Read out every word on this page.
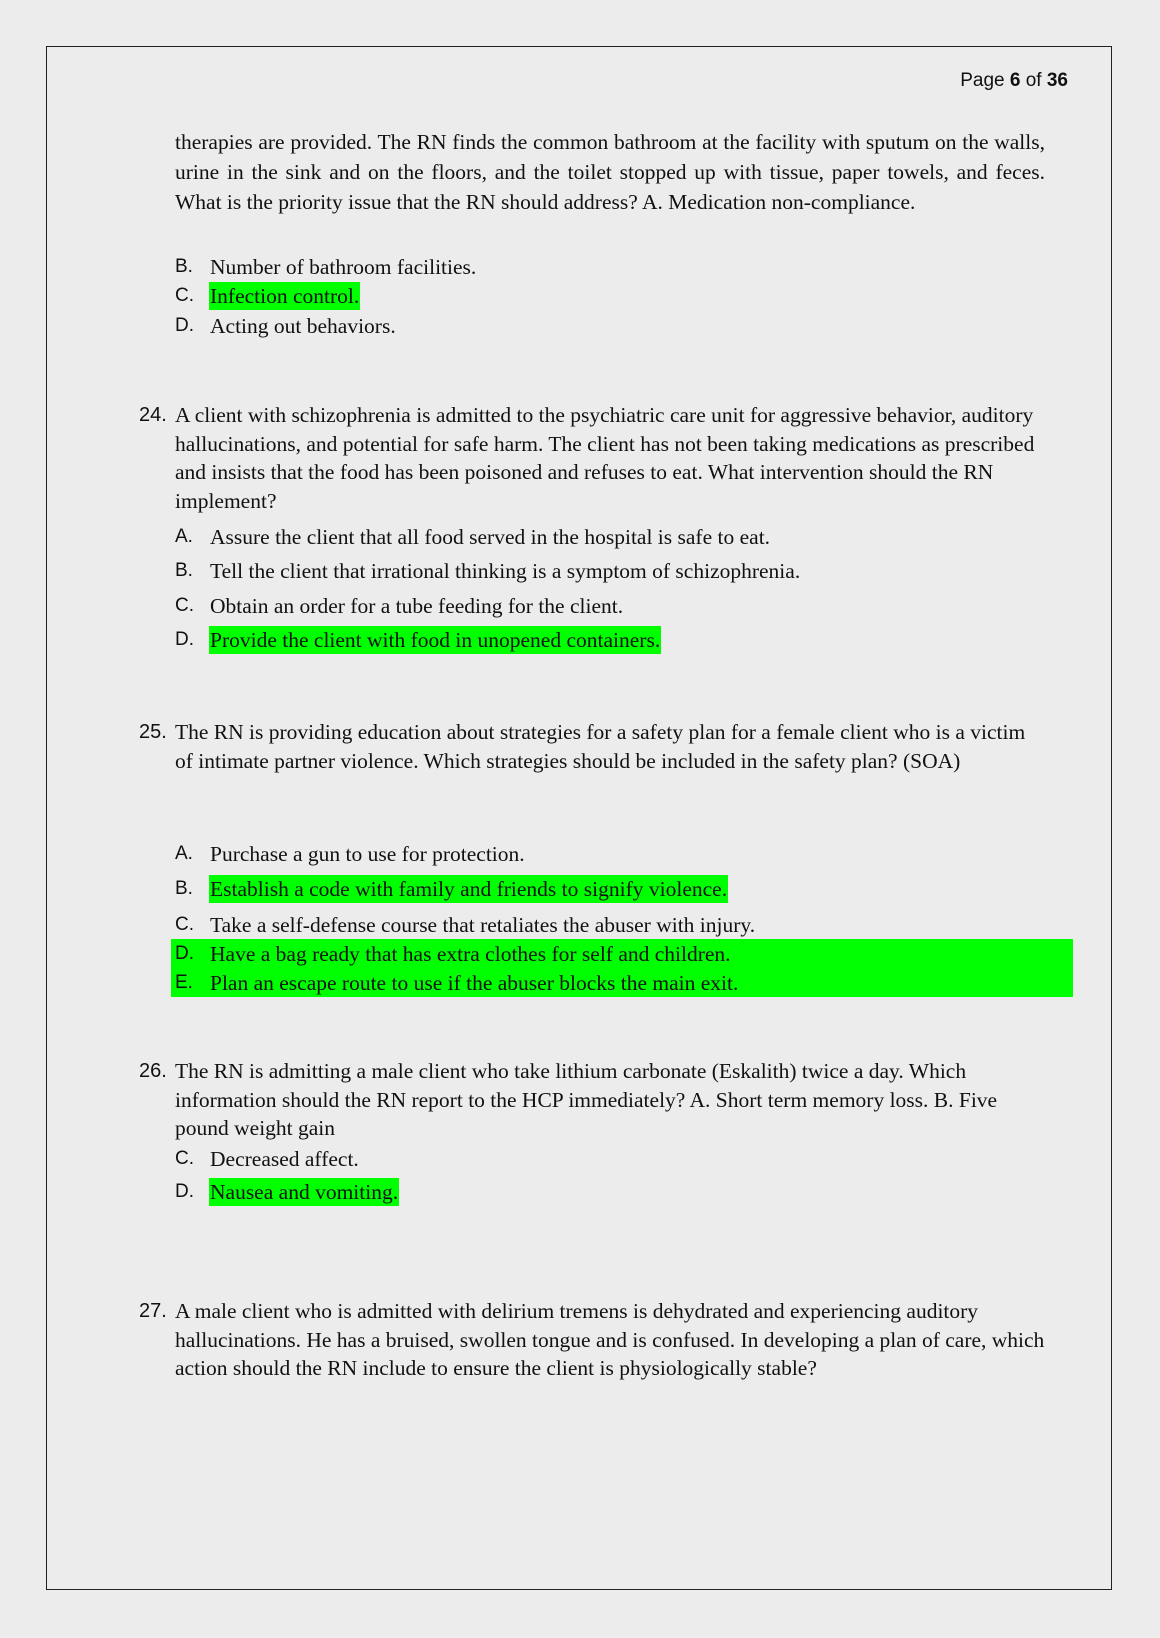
Page 6 of 36
therapies are provided. The RN finds the common bathroom at the facility with sputum on the walls, urine in the sink and on the floors, and the toilet stopped up with tissue, paper towels, and feces. What is the priority issue that the RN should address? A. Medication non-compliance.
B. Number of bathroom facilities.
C. Infection control.
D. Acting out behaviors.
24. A client with schizophrenia is admitted to the psychiatric care unit for aggressive behavior, auditory hallucinations, and potential for safe harm. The client has not been taking medications as prescribed and insists that the food has been poisoned and refuses to eat. What intervention should the RN implement?
A. Assure the client that all food served in the hospital is safe to eat.
B. Tell the client that irrational thinking is a symptom of schizophrenia.
C. Obtain an order for a tube feeding for the client.
D. Provide the client with food in unopened containers.
25. The RN is providing education about strategies for a safety plan for a female client who is a victim of intimate partner violence. Which strategies should be included in the safety plan? (SOA)
A. Purchase a gun to use for protection.
B. Establish a code with family and friends to signify violence.
C. Take a self-defense course that retaliates the abuser with injury.
D. Have a bag ready that has extra clothes for self and children.
E. Plan an escape route to use if the abuser blocks the main exit.
26. The RN is admitting a male client who take lithium carbonate (Eskalith) twice a day. Which information should the RN report to the HCP immediately? A. Short term memory loss. B. Five pound weight gain
C. Decreased affect.
D. Nausea and vomiting.
27. A male client who is admitted with delirium tremens is dehydrated and experiencing auditory hallucinations. He has a bruised, swollen tongue and is confused. In developing a plan of care, which action should the RN include to ensure the client is physiologically stable?
